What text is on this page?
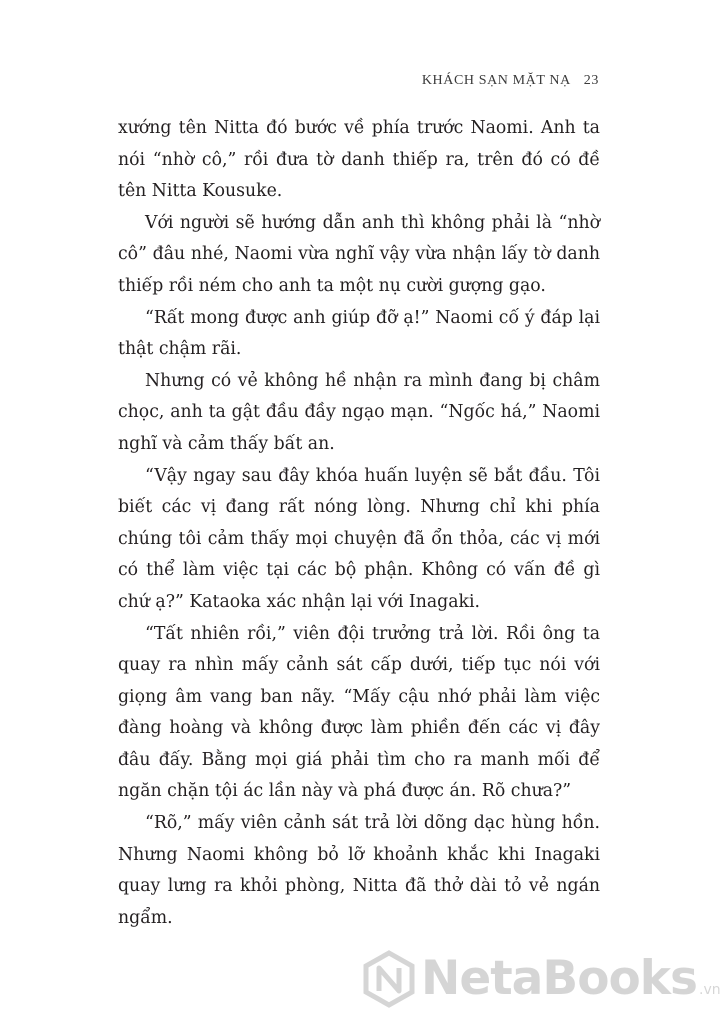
KHÁCH SẠN MẶT NẠ 23

xướng tên Nitta đó bước về phía trước Naomi. Anh ta nói “nhờ cô,” rồi đưa tờ danh thiếp ra, trên đó có đề tên Nitta Kousuke.

Với người sẽ hướng dẫn anh thì không phải là “nhờ cô” đâu nhé, Naomi vừa nghĩ vậy vừa nhận lấy tờ danh thiếp rồi ném cho anh ta một nụ cười gượng gạo.

“Rất mong được anh giúp đỡ ạ!” Naomi cố ý đáp lại thật chậm rãi.

Nhưng có vẻ không hề nhận ra mình đang bị châm chọc, anh ta gật đầu đầy ngạo mạn. “Ngốc há,” Naomi nghĩ và cảm thấy bất an.

“Vậy ngay sau đây khóa huấn luyện sẽ bắt đầu. Tôi biết các vị đang rất nóng lòng. Nhưng chỉ khi phía chúng tôi cảm thấy mọi chuyện đã ổn thỏa, các vị mới có thể làm việc tại các bộ phận. Không có vấn đề gì chứ ạ?” Kataoka xác nhận lại với Inagaki.

“Tất nhiên rồi,” viên đội trưởng trả lời. Rồi ông ta quay ra nhìn mấy cảnh sát cấp dưới, tiếp tục nói với giọng âm vang ban nãy. “Mấy cậu nhớ phải làm việc đàng hoàng và không được làm phiền đến các vị đây đâu đấy. Bằng mọi giá phải tìm cho ra manh mối để ngăn chặn tội ác lần này và phá được án. Rõ chưa?”

“Rõ,” mấy viên cảnh sát trả lời dõng dạc hùng hồn. Nhưng Naomi không bỏ lỡ khoảnh khắc khi Inagaki quay lưng ra khỏi phòng, Nitta đã thở dài tỏ vẻ ngán ngẩm.

NetaBooks .vn
